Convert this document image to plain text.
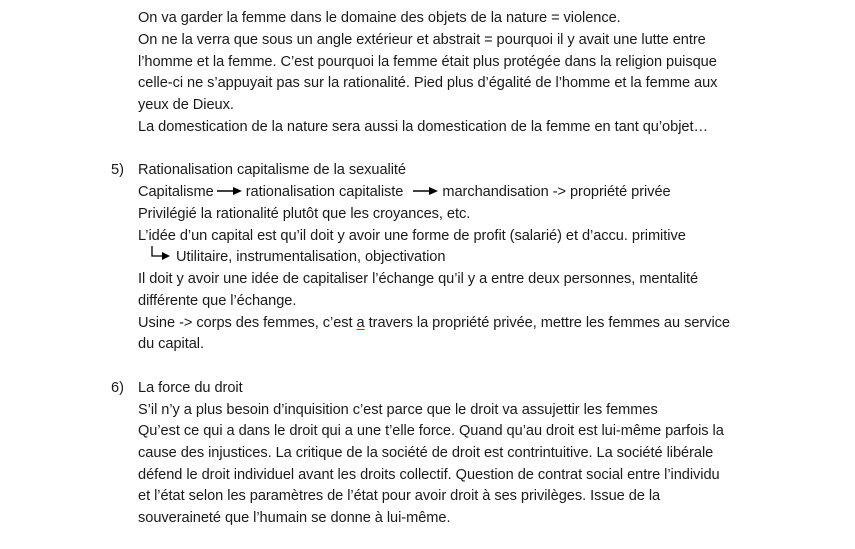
On va garder la femme dans le domaine des objets de la nature = violence.
On ne la verra que sous un angle extérieur et abstrait = pourquoi il y avait une lutte entre
l’homme et la femme. C’est pourquoi la femme était plus protégée dans la religion puisque
celle-ci ne s’appuyait pas sur la rationalité. Pied plus d’égalité de l’homme et la femme aux
yeux de Dieux.
La domestication de la nature sera aussi la domestication de la femme en tant qu’objet…
5) Rationalisation capitalisme de la sexualité
Capitalisme rationalisation capitaliste	marchandisation -> propriété privée
Privilégié la rationalité plutôt que les croyances, etc.
L’idée d’un capital est qu’il doit y avoir une forme de profit (salarié) et d’accu. primitive
Utilitaire, instrumentalisation, objectivation
Il doit y avoir une idée de capitaliser l’échange qu’il y a entre deux personnes, mentalité
différente que l’échange.
Usine -> corps des femmes, c’est a travers la propriété privée, mettre les femmes au service
du capital.
6) La force du droit
S’il n’y a plus besoin d’inquisition c’est parce que le droit va assujettir les femmes
Qu’est ce qui a dans le droit qui a une t’elle force. Quand qu’au droit est lui-même parfois la
cause des injustices. La critique de la société de droit est contrintuitive. La société libérale
défend le droit individuel avant les droits collectif. Question de contrat social entre l’individu
et l’état selon les paramètres de l’état pour avoir droit à ses privilèges. Issue de la
souveraineté que l’humain se donne à lui-même.
